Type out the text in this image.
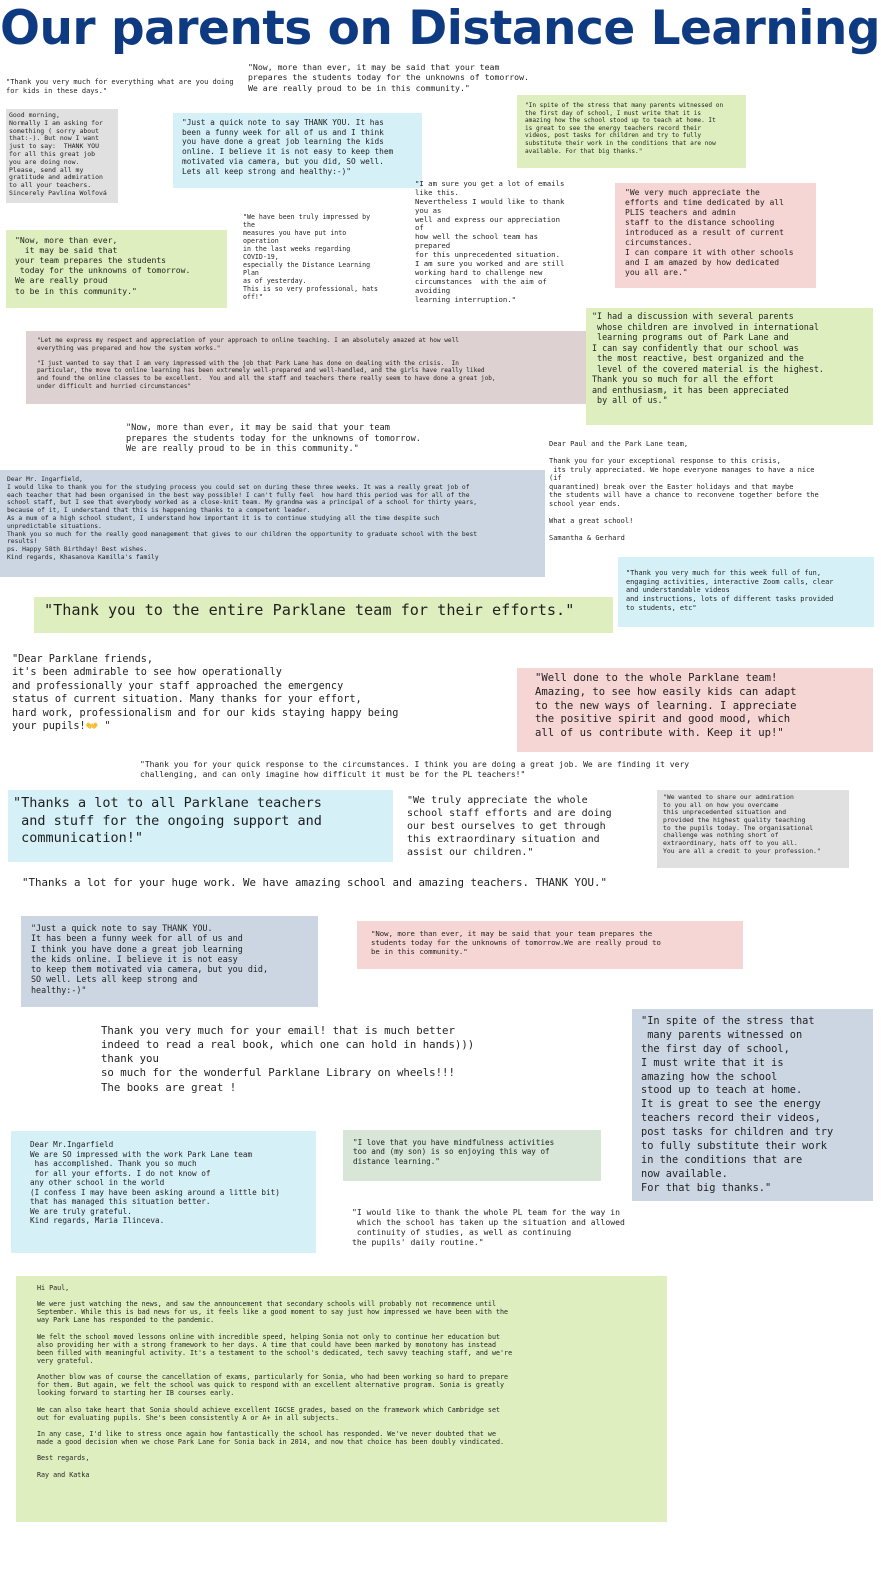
Our parents on Distance Learning
"Thank you very much for everything what are you doing
for kids in these days."
"Now, more than ever, it may be said that your team
prepares the students today for the unknowns of tomorrow.
We are really proud to be in this community."
"In spite of the stress that many parents witnessed on
the first day of school, I must write that it is
amazing how the school stood up to teach at home. It
is great to see the energy teachers record their
videos, post tasks for children and try to fully
substitute their work in the conditions that are now
available. For that big thanks."
Good morning,
Normally I am asking for
something ( sorry about
that:-). But now I want
just to say:  THANK YOU
for all this great job
you are doing now.
Please, send all my
gratitude and admiration
to all your teachers.
Sincerely Pavlína Wolfová
"Just a quick note to say THANK YOU. It has
been a funny week for all of us and I think
you have done a great job learning the kids
online. I believe it is not easy to keep them
motivated via camera, but you did, SO well.
Lets all keep strong and healthy:-)"
"I am sure you get a lot of emails
like this.
Nevertheless I would like to thank
you as
well and express our appreciation
of
how well the school team has
prepared
for this unprecedented situation.
I am sure you worked and are still
working hard to challenge new
circumstances  with the aim of
avoiding
learning interruption."
"We very much appreciate the
efforts and time dedicated by all
PLIS teachers and admin
staff to the distance schooling
introduced as a result of current
circumstances.
I can compare it with other schools
and I am amazed by how dedicated
you all are."
"We have been truly impressed by
the
measures you have put into
operation
in the last weeks regarding
COVID-19,
especially the Distance Learning
Plan
as of yesterday.
This is so very professional, hats
off!"
"Now, more than ever,
it may be said that
your team prepares the students
today for the unknowns of tomorrow.
We are really proud
to be in this community."
"Let me express my respect and appreciation of your approach to online teaching. I am absolutely amazed at how well
everything was prepared and how the system works."

"I just wanted to say that I am very impressed with the job that Park Lane has done on dealing with the crisis.  In
particular, the move to online learning has been extremely well-prepared and well-handled, and the girls have really liked
and found the online classes to be excellent.  You and all the staff and teachers there really seem to have done a great job,
under difficult and hurried circumstances"
"I had a discussion with several parents
whose children are involved in international
learning programs out of Park Lane and
I can say confidently that our school was
the most reactive, best organized and the
level of the covered material is the highest.
Thank you so much for all the effort
and enthusiasm, it has been appreciated
by all of us."
"Now, more than ever, it may be said that your team
prepares the students today for the unknowns of tomorrow.
We are really proud to be in this community."
Dear Paul and the Park Lane team,

Thank you for your exceptional response to this crisis,
its truly appreciated. We hope everyone manages to have a nice
(if
quarantined) break over the Easter holidays and that maybe
the students will have a chance to reconvene together before the
school year ends.

What a great school!

Samantha & Gerhard
Dear Mr. Ingarfield,
I would like to thank you for the studying process you could set on during these three weeks. It was a really great job of
each teacher that had been organised in the best way possible! I can't fully feel  how hard this period was for all of the
school staff, but I see that everybody worked as a close-knit team. My grandma was a principal of a school for thirty years,
because of it, I understand that this is happening thanks to a competent leader.
As a mum of a high school student, I understand how important it is to continue studying all the time despite such
unpredictable situations.
Thank you so much for the really good management that gives to our children the opportunity to graduate school with the best
results!
ps. Happy 58th Birthday! Best wishes.
Kind regards, Khasanova Kamilla's family
"Thank you very much for this week full of fun,
engaging activities, interactive Zoom calls, clear
and understandable videos
and instructions, lots of different tasks provided
to students, etc"
"Thank you to the entire Parklane team for their efforts."
"Dear Parklane friends,
it's been admirable to see how operationally
and professionally your staff approached the emergency
status of current situation. Many thanks for your effort,
hard work, professionalism and for our kids staying happy being
your pupils!👐 "
"Well done to the whole Parklane team!
Amazing, to see how easily kids can adapt
to the new ways of learning. I appreciate
the positive spirit and good mood, which
all of us contribute with. Keep it up!"
"Thank you for your quick response to the circumstances. I think you are doing a great job. We are finding it very
challenging, and can only imagine how difficult it must be for the PL teachers!"
"Thanks a lot to all Parklane teachers
and stuff for the ongoing support and
communication!"
"We truly appreciate the whole
school staff efforts and are doing
our best ourselves to get through
this extraordinary situation and
assist our children."
"We wanted to share our admiration
to you all on how you overcame
this unprecedented situation and
provided the highest quality teaching
to the pupils today. The organisational
challenge was nothing short of
extraordinary, hats off to you all.
You are all a credit to your profession."
"Thanks a lot for your huge work. We have amazing school and amazing teachers. THANK YOU."
"Just a quick note to say THANK YOU.
It has been a funny week for all of us and
I think you have done a great job learning
the kids online. I believe it is not easy
to keep them motivated via camera, but you did,
SO well. Lets all keep strong and
healthy:-)"
"Now, more than ever, it may be said that your team prepares the
students today for the unknowns of tomorrow.We are really proud to
be in this community."
Thank you very much for your email! that is much better
indeed to read a real book, which one can hold in hands)))
thank you
so much for the wonderful Parklane Library on wheels!!!
The books are great !
"In spite of the stress that
many parents witnessed on
the first day of school,
I must write that it is
amazing how the school
stood up to teach at home.
It is great to see the energy
teachers record their videos,
post tasks for children and try
to fully substitute their work
in the conditions that are
now available.
For that big thanks."
Dear Mr.Ingarfield
We are SO impressed with the work Park Lane team
has accomplished. Thank you so much
for all your efforts. I do not know of
any other school in the world
(I confess I may have been asking around a little bit)
that has managed this situation better.
We are truly grateful.
Kind regards, Maria Ilinceva.
"I love that you have mindfulness activities
too and (my son) is so enjoying this way of
distance learning."
"I would like to thank the whole PL team for the way in
which the school has taken up the situation and allowed
continuity of studies, as well as continuing
the pupils' daily routine."
Hi Paul,

We were just watching the news, and saw the announcement that secondary schools will probably not recommence until
September. While this is bad news for us, it feels like a good moment to say just how impressed we have been with the
way Park Lane has responded to the pandemic.

We felt the school moved lessons online with incredible speed, helping Sonia not only to continue her education but
also providing her with a strong framework to her days. A time that could have been marked by monotony has instead
been filled with meaningful activity. It's a testament to the school's dedicated, tech savvy teaching staff, and we're
very grateful.

Another blow was of course the cancellation of exams, particularly for Sonia, who had been working so hard to prepare
for them. But again, we felt the school was quick to respond with an excellent alternative program. Sonia is greatly
looking forward to starting her IB courses early.

We can also take heart that Sonia should achieve excellent IGCSE grades, based on the framework which Cambridge set
out for evaluating pupils. She's been consistently A or A+ in all subjects.

In any case, I'd like to stress once again how fantastically the school has responded. We've never doubted that we
made a good decision when we chose Park Lane for Sonia back in 2014, and now that choice has been doubly vindicated.

Best regards,

Ray and Katka
